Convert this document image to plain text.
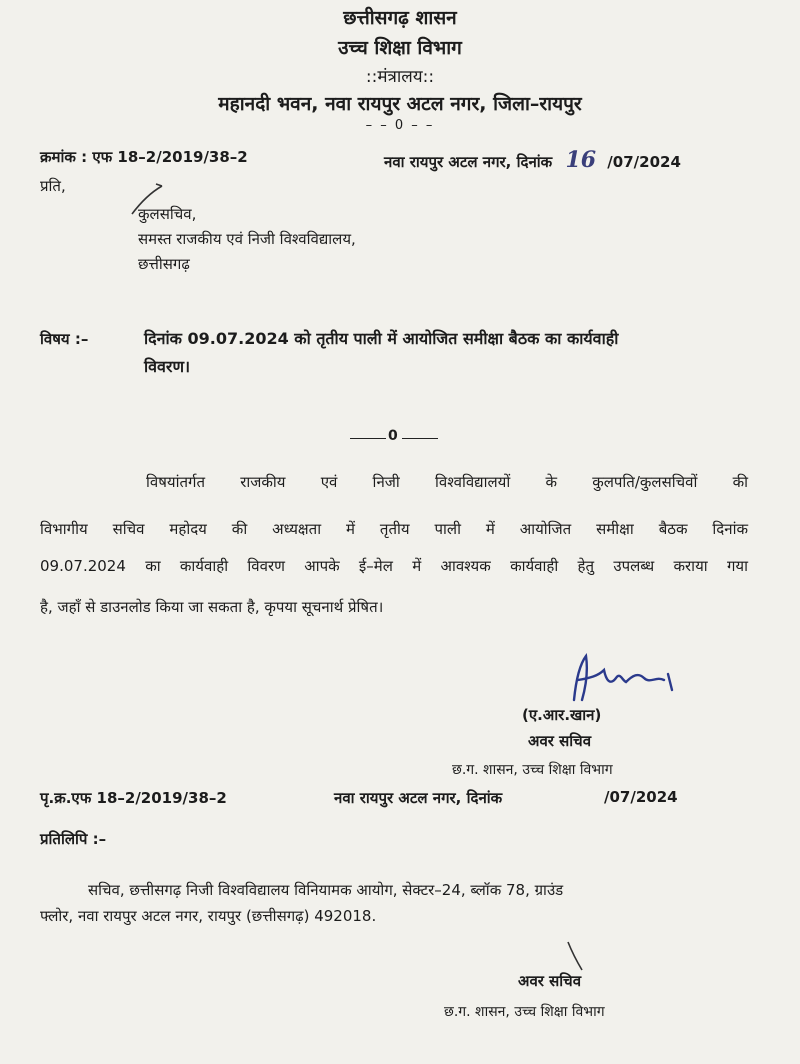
छत्तीसगढ़ शासन
उच्च शिक्षा विभाग
::मंत्रालय::
महानदी भवन, नवा रायपुर अटल नगर, जिला–रायपुर
– – 0 – –
क्रमांक : एफ 18–2/2019/38–2	नवा रायपुर अटल नगर, दिनांक 16 /07/2024
प्रति,
कुलसचिव,
समस्त राजकीय एवं निजी विश्वविद्यालय,
छत्तीसगढ़
विषय :–	दिनांक 09.07.2024 को तृतीय पाली में आयोजित समीक्षा बैठक का कार्यवाही
विवरण।
0
विषयांतर्गत राजकीय एवं निजी विश्वविद्यालयों के कुलपति/कुलसचिवों की
विभागीय सचिव महोदय की अध्यक्षता में तृतीय पाली में आयोजित समीक्षा बैठक दिनांक
09.07.2024 का कार्यवाही विवरण आपके ई–मेल में आवश्यक कार्यवाही हेतु उपलब्ध कराया गया
है, जहाँ से डाउनलोड किया जा सकता है, कृपया सूचनार्थ प्रेषित।
(ए.आर.खान)
अवर सचिव
छ.ग. शासन, उच्च शिक्षा विभाग
पृ.क्र.एफ 18–2/2019/38–2	नवा रायपुर अटल नगर, दिनांक	/07/2024
प्रतिलिपि :–
सचिव, छत्तीसगढ़ निजी विश्वविद्यालय विनियामक आयोग, सेक्टर–24, ब्लॉक 78, ग्राउंड
फ्लोर, नवा रायपुर अटल नगर, रायपुर (छत्तीसगढ़) 492018.
अवर सचिव
छ.ग. शासन, उच्च शिक्षा विभाग
